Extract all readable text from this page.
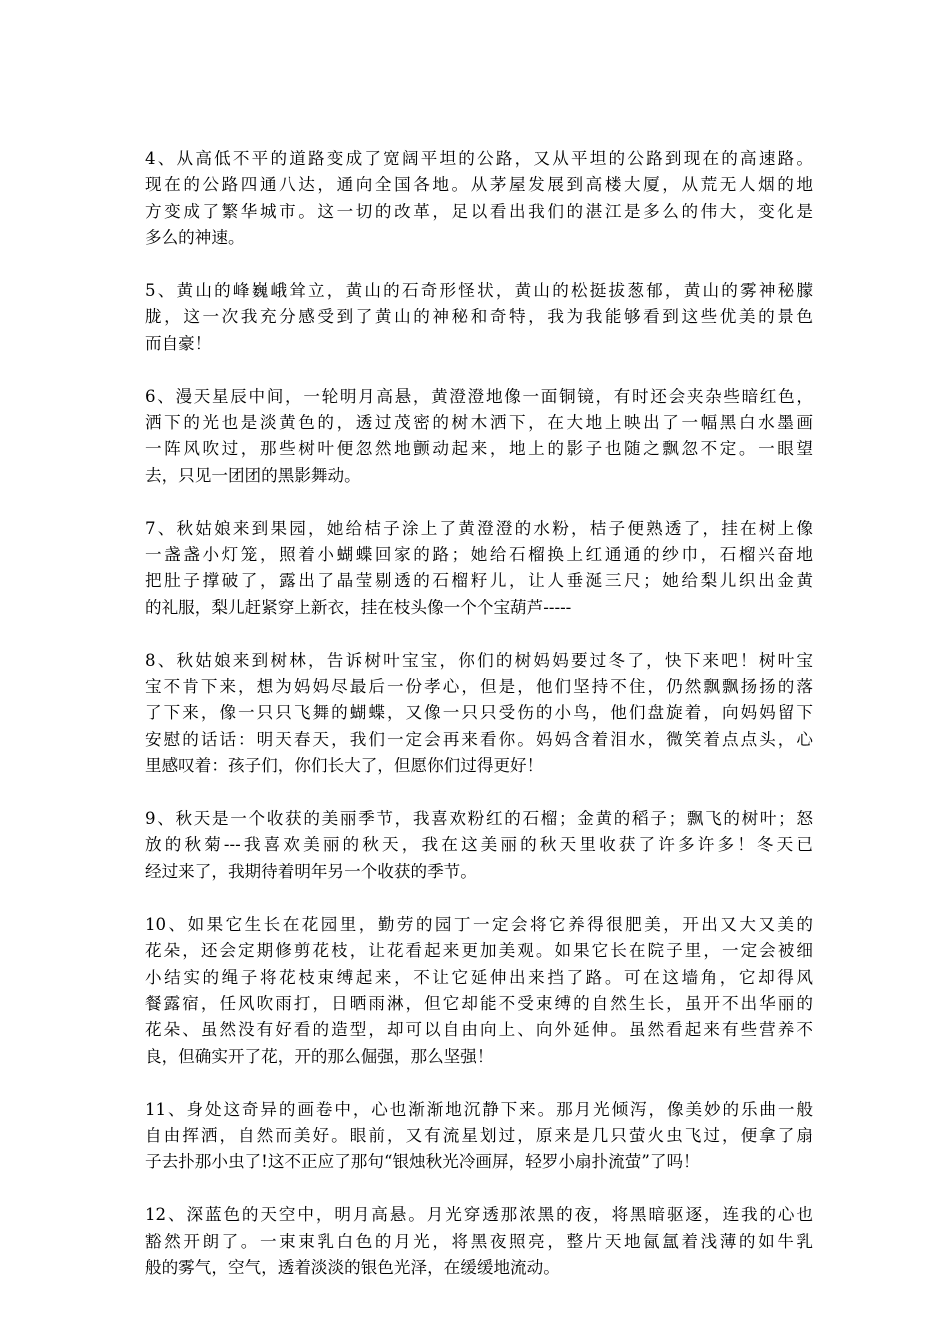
4、从高低不平的道路变成了宽阔平坦的公路，又从平坦的公路到现在的高速路。
现在的公路四通八达，通向全国各地。从茅屋发展到高楼大厦，从荒无人烟的地
方变成了繁华城市。这一切的改革，足以看出我们的湛江是多么的伟大，变化是
多么的神速。

5、黄山的峰巍峨耸立，黄山的石奇形怪状，黄山的松挺拔葱郁，黄山的雾神秘朦
胧，这一次我充分感受到了黄山的神秘和奇特，我为我能够看到这些优美的景色
而自豪！

6、漫天星辰中间，一轮明月高悬，黄澄澄地像一面铜镜，有时还会夹杂些暗红色，
洒下的光也是淡黄色的，透过茂密的树木洒下，在大地上映出了一幅黑白水墨画
一阵风吹过，那些树叶便忽然地颤动起来，地上的影子也随之飘忽不定。一眼望
去，只见一团团的黑影舞动。

7、秋姑娘来到果园，她给桔子涂上了黄澄澄的水粉，桔子便熟透了，挂在树上像
一盏盏小灯笼，照着小蝴蝶回家的路；她给石榴换上红通通的纱巾，石榴兴奋地
把肚子撑破了，露出了晶莹剔透的石榴籽儿，让人垂涎三尺；她给梨儿织出金黄
的礼服，梨儿赶紧穿上新衣，挂在枝头像一个个宝葫芦-----

8、秋姑娘来到树林，告诉树叶宝宝，你们的树妈妈要过冬了，快下来吧！树叶宝
宝不肯下来，想为妈妈尽最后一份孝心，但是，他们坚持不住，仍然飘飘扬扬的落
了下来，像一只只飞舞的蝴蝶，又像一只只受伤的小鸟，他们盘旋着，向妈妈留下
安慰的话话：明天春天，我们一定会再来看你。妈妈含着泪水，微笑着点点头，心
里感叹着：孩子们，你们长大了，但愿你们过得更好！

9、秋天是一个收获的美丽季节，我喜欢粉红的石榴；金黄的稻子；飘飞的树叶；怒
放的秋菊---我喜欢美丽的秋天，我在这美丽的秋天里收获了许多许多！冬天已
经过来了，我期待着明年另一个收获的季节。

10、如果它生长在花园里，勤劳的园丁一定会将它养得很肥美，开出又大又美的
花朵，还会定期修剪花枝，让花看起来更加美观。如果它长在院子里，一定会被细
小结实的绳子将花枝束缚起来，不让它延伸出来挡了路。可在这墙角，它却得风
餐露宿，任风吹雨打，日晒雨淋，但它却能不受束缚的自然生长，虽开不出华丽的
花朵、虽然没有好看的造型，却可以自由向上、向外延伸。虽然看起来有些营养不
良，但确实开了花，开的那么倔强，那么坚强！

11、身处这奇异的画卷中，心也渐渐地沉静下来。那月光倾泻，像美妙的乐曲一般
自由挥洒，自然而美好。眼前，又有流星划过，原来是几只萤火虫飞过，便拿了扇
子去扑那小虫了!这不正应了那句“银烛秋光冷画屏，轻罗小扇扑流萤”了吗！

12、深蓝色的天空中，明月高悬。月光穿透那浓黑的夜，将黑暗驱逐，连我的心也
豁然开朗了。一束束乳白色的月光，将黑夜照亮，整片天地氤氲着浅薄的如牛乳
般的雾气，空气，透着淡淡的银色光泽，在缓缓地流动。
